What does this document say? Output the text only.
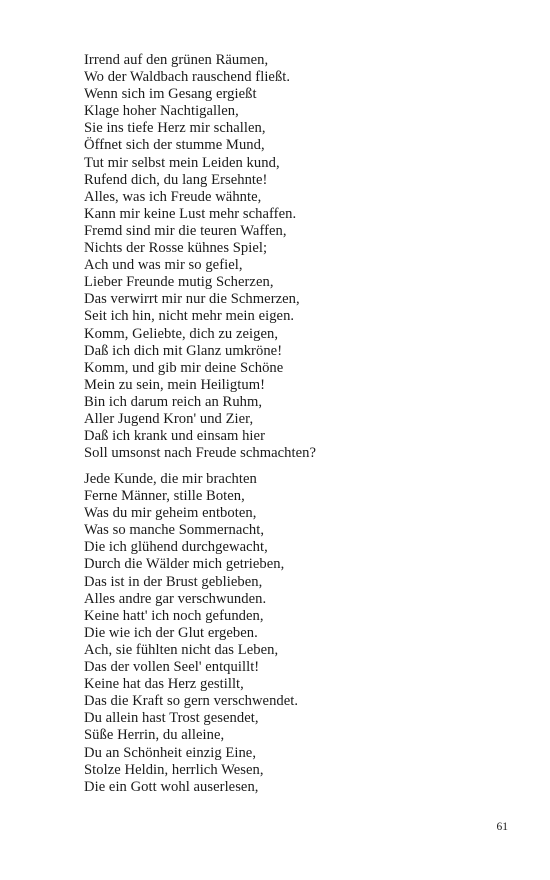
Irrend auf den grünen Räumen,
Wo der Waldbach rauschend fließt.
Wenn sich im Gesang ergießt
Klage hoher Nachtigallen,
Sie ins tiefe Herz mir schallen,
Öffnet sich der stumme Mund,
Tut mir selbst mein Leiden kund,
Rufend dich, du lang Ersehnte!
Alles, was ich Freude wähnte,
Kann mir keine Lust mehr schaffen.
Fremd sind mir die teuren Waffen,
Nichts der Rosse kühnes Spiel;
Ach und was mir so gefiel,
Lieber Freunde mutig Scherzen,
Das verwirrt mir nur die Schmerzen,
Seit ich hin, nicht mehr mein eigen.
Komm, Geliebte, dich zu zeigen,
Daß ich dich mit Glanz umkröne!
Komm, und gib mir deine Schöne
Mein zu sein, mein Heiligtum!
Bin ich darum reich an Ruhm,
Aller Jugend Kron' und Zier,
Daß ich krank und einsam hier
Soll umsonst nach Freude schmachten?
Jede Kunde, die mir brachten
Ferne Männer, stille Boten,
Was du mir geheim entboten,
Was so manche Sommernacht,
Die ich glühend durchgewacht,
Durch die Wälder mich getrieben,
Das ist in der Brust geblieben,
Alles andre gar verschwunden.
Keine hatt' ich noch gefunden,
Die wie ich der Glut ergeben.
Ach, sie fühlten nicht das Leben,
Das der vollen Seel' entquillt!
Keine hat das Herz gestillt,
Das die Kraft so gern verschwendet.
Du allein hast Trost gesendet,
Süße Herrin, du alleine,
Du an Schönheit einzig Eine,
Stolze Heldin, herrlich Wesen,
Die ein Gott wohl auserlesen,
61
